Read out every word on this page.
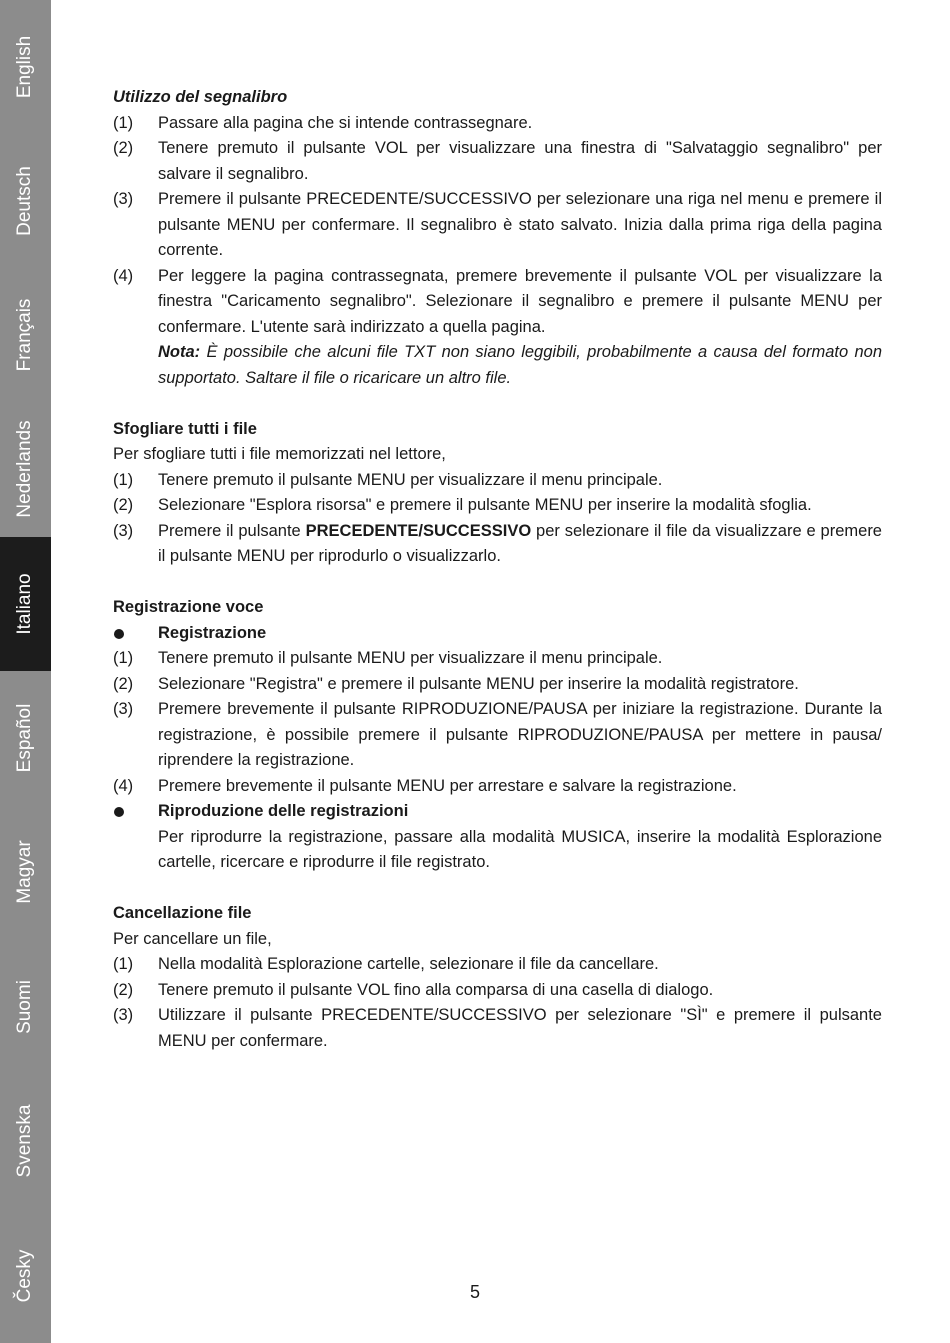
English
Deutsch
Français
Nederlands
Italiano
Español
Magyar
Suomi
Svenska
Česky

Utilizzo del segnalibro

(1)	Passare alla pagina che si intende contrassegnare.
(2)	Tenere premuto il pulsante VOL per visualizzare una finestra di "Salvataggio segnalibro" per salvare il segnalibro.
(3)	Premere il pulsante PRECEDENTE/SUCCESSIVO per selezionare una riga nel menu e premere il pulsante MENU per confermare. Il segnalibro è stato salvato. Inizia dalla prima riga della pagina corrente.
(4)	Per leggere la pagina contrassegnata, premere brevemente il pulsante VOL per visualizzare la finestra "Caricamento segnalibro". Selezionare il segnalibro e premere il pulsante MENU per confermare. L'utente sarà indirizzato a quella pagina.

Nota: È possibile che alcuni file TXT non siano leggibili, probabilmente a causa del formato non supportato. Saltare il file o ricaricare un altro file.

Sfogliare tutti i file

Per sfogliare tutti i file memorizzati nel lettore,

(1)	Tenere premuto il pulsante MENU per visualizzare il menu principale.
(2)	Selezionare "Esplora risorsa" e premere il pulsante MENU per inserire la modalità sfoglia.
(3)	Premere il pulsante PRECEDENTE/SUCCESSIVO per selezionare il file da visualizzare e premere il pulsante MENU per riprodurlo o visualizzarlo.

Registrazione voce

Registrazione
(1)	Tenere premuto il pulsante MENU per visualizzare il menu principale.
(2)	Selezionare "Registra" e premere il pulsante MENU per inserire la modalità registratore.
(3)	Premere brevemente il pulsante RIPRODUZIONE/PAUSA per iniziare la registrazione. Durante la registrazione, è possibile premere il pulsante RIPRODUZIONE/PAUSA per mettere in pausa/ riprendere la registrazione.
(4)	Premere brevemente il pulsante MENU per arrestare e salvare la registrazione.
Riproduzione delle registrazioni

Per riprodurre la registrazione, passare alla modalità MUSICA, inserire la modalità Esplorazione cartelle, ricercare e riprodurre il file registrato.

Cancellazione file

Per cancellare un file,

(1)	Nella modalità Esplorazione cartelle, selezionare il file da cancellare.
(2)	Tenere premuto il pulsante VOL fino alla comparsa di una casella di dialogo.
(3)	Utilizzare il pulsante PRECEDENTE/SUCCESSIVO per selezionare "SÌ" e premere il pulsante MENU per confermare.
5
